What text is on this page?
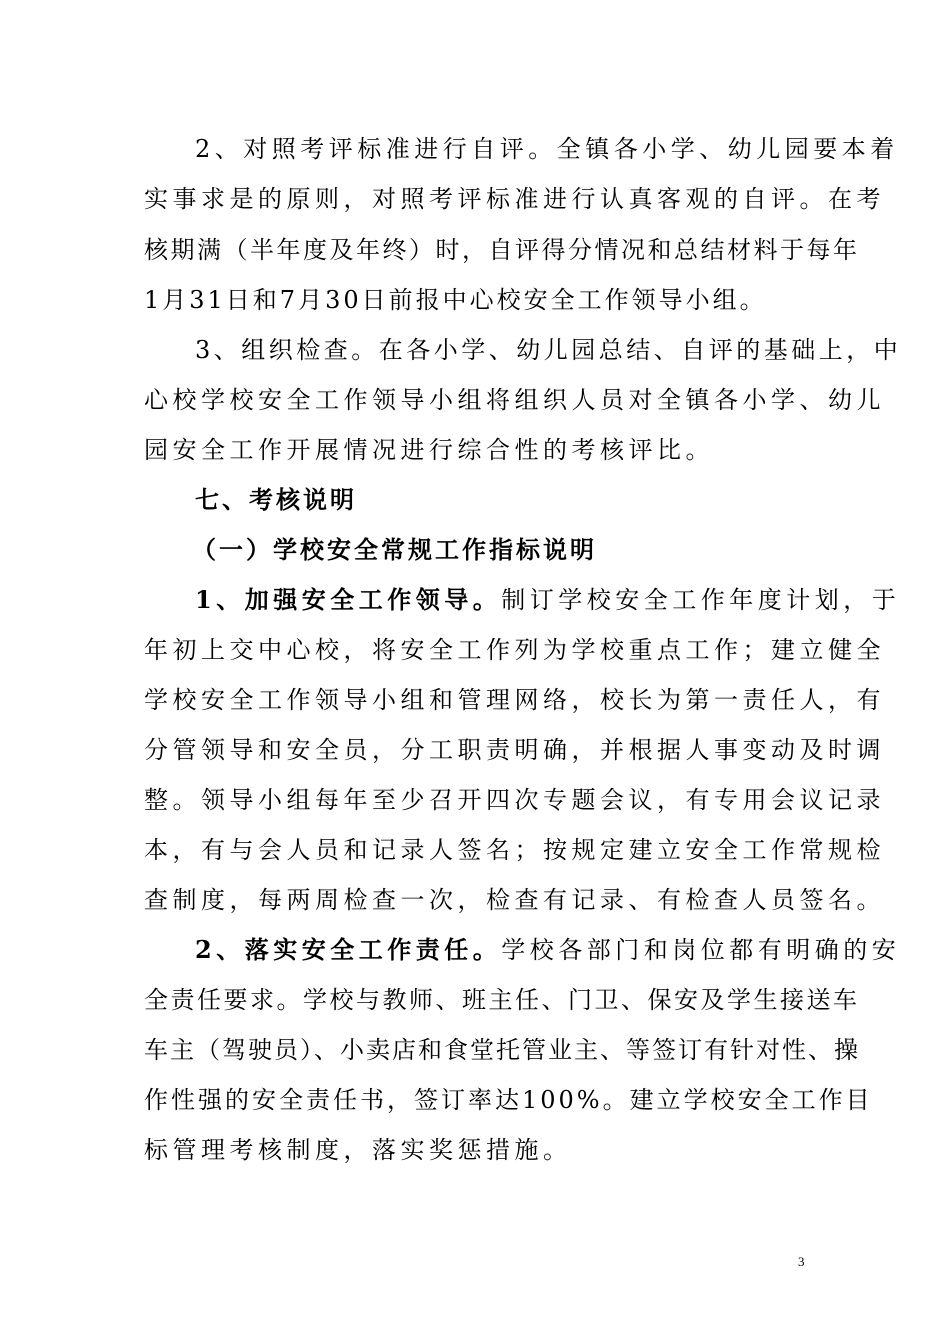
2、对照考评标准进行自评。全镇各小学、幼儿园要本着
实事求是的原则，对照考评标准进行认真客观的自评。在考
核期满（半年度及年终）时，自评得分情况和总结材料于每年
1月31日和7月30日前报中心校安全工作领导小组。
3、组织检查。在各小学、幼儿园总结、自评的基础上，中
心校学校安全工作领导小组将组织人员对全镇各小学、幼儿
园安全工作开展情况进行综合性的考核评比。
七、考核说明
（一）学校安全常规工作指标说明
1、加强安全工作领导。制订学校安全工作年度计划，于
年初上交中心校，将安全工作列为学校重点工作；建立健全
学校安全工作领导小组和管理网络，校长为第一责任人，有
分管领导和安全员，分工职责明确，并根据人事变动及时调
整。领导小组每年至少召开四次专题会议，有专用会议记录
本，有与会人员和记录人签名；按规定建立安全工作常规检
查制度，每两周检查一次，检查有记录、有检查人员签名。
2、落实安全工作责任。学校各部门和岗位都有明确的安
全责任要求。学校与教师、班主任、门卫、保安及学生接送车
车主（驾驶员）、小卖店和食堂托管业主、等签订有针对性、操
作性强的安全责任书，签订率达100%。建立学校安全工作目
标管理考核制度，落实奖惩措施。
3
